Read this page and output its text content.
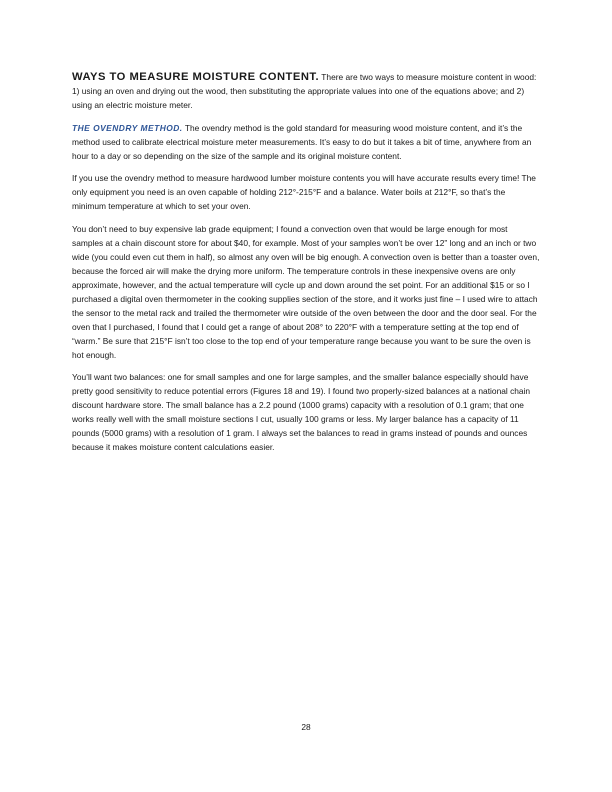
WAYS TO MEASURE MOISTURE CONTENT. There are two ways to measure moisture content in wood: 1) using an oven and drying out the wood, then substituting the appropriate values into one of the equations above; and 2) using an electric moisture meter.

THE OVENDRY METHOD. The ovendry method is the gold standard for measuring wood moisture content, and it’s the method used to calibrate electrical moisture meter measurements. It’s easy to do but it takes a bit of time, anywhere from an hour to a day or so depending on the size of the sample and its original moisture content.

If you use the ovendry method to measure hardwood lumber moisture contents you will have accurate results every time! The only equipment you need is an oven capable of holding 212°-215°F and a balance. Water boils at 212°F, so that’s the minimum temperature at which to set your oven.

You don’t need to buy expensive lab grade equipment; I found a convection oven that would be large enough for most samples at a chain discount store for about $40, for example. Most of your samples won’t be over 12” long and an inch or two wide (you could even cut them in half), so almost any oven will be big enough. A convection oven is better than a toaster oven, because the forced air will make the drying more uniform. The temperature controls in these inexpensive ovens are only approximate, however, and the actual temperature will cycle up and down around the set point. For an additional $15 or so I purchased a digital oven thermometer in the cooking supplies section of the store, and it works just fine – I used wire to attach the sensor to the metal rack and trailed the thermometer wire outside of the oven between the door and the door seal. For the oven that I purchased, I found that I could get a range of about 208° to 220°F with a temperature setting at the top end of “warm.” Be sure that 215°F isn’t too close to the top end of your temperature range because you want to be sure the oven is hot enough.

You’ll want two balances: one for small samples and one for large samples, and the smaller balance especially should have pretty good sensitivity to reduce potential errors (Figures 18 and 19). I found two properly-sized balances at a national chain discount hardware store. The small balance has a 2.2 pound (1000 grams) capacity with a resolution of 0.1 gram; that one works really well with the small moisture sections I cut, usually 100 grams or less. My larger balance has a capacity of 11 pounds (5000 grams) with a resolution of 1 gram. I always set the balances to read in grams instead of pounds and ounces because it makes moisture content calculations easier.

28
